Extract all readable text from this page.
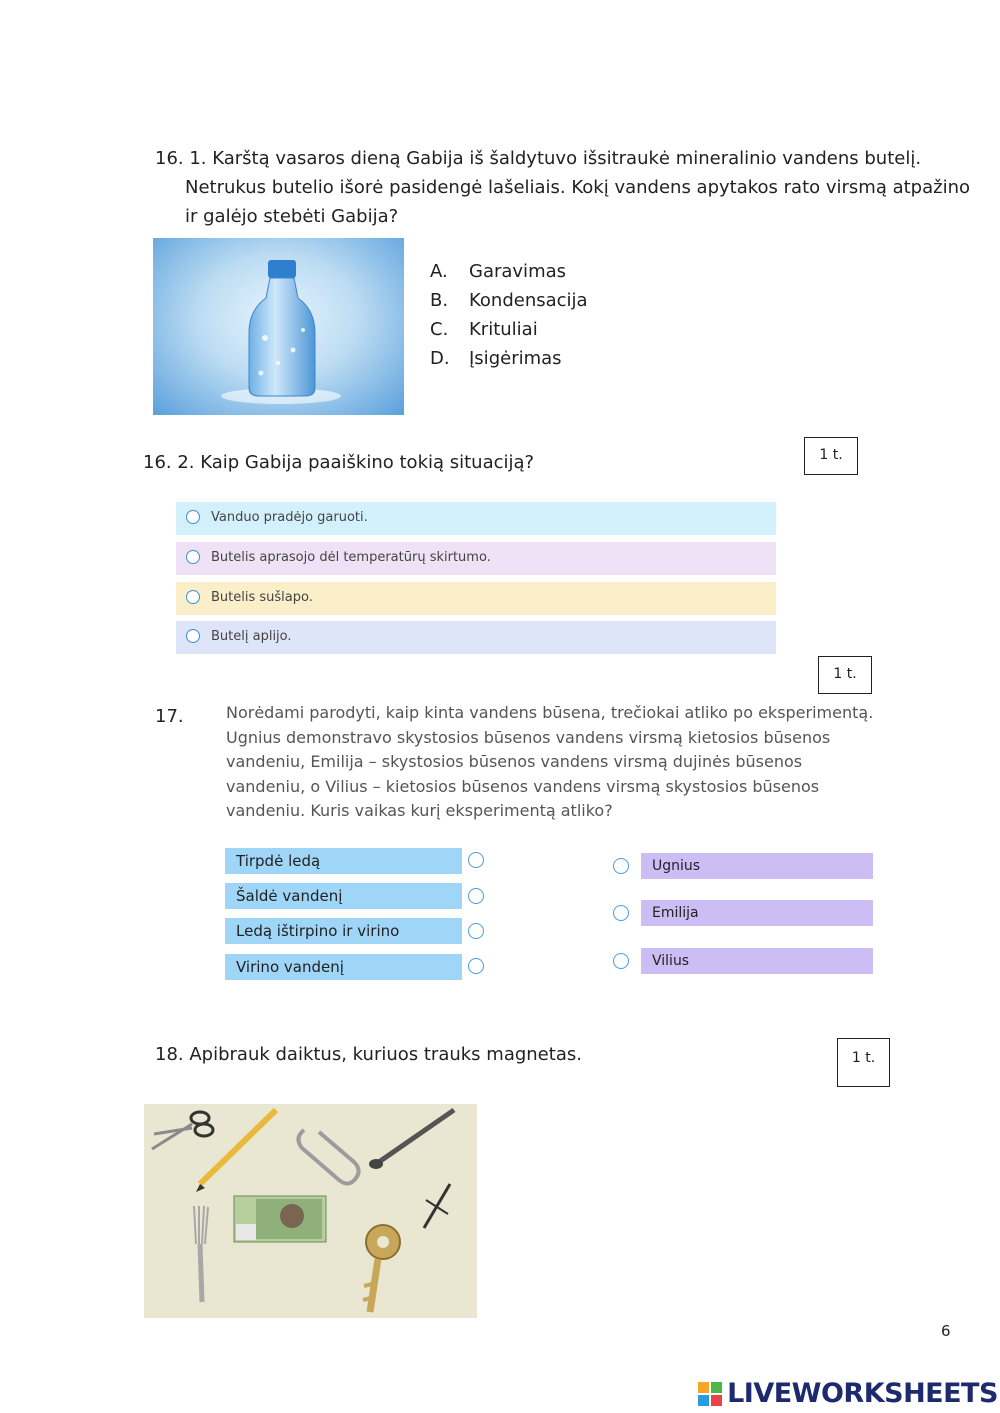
16. 1. Karštą vasaros dieną Gabija iš šaldytuvo išsitraukė mineralinio vandens butelį.
Netrukus butelio išorė pasidengė lašeliais. Kokį vandens apytakos rato virsmą atpažino
ir galėjo stebėti Gabija?
A. Garavimas
B. Kondensacija
C. Krituliai
D. Įsigėrimas
16. 2. Kaip Gabija paaiškino tokią situaciją?	1 t.
Vanduo pradėjo garuoti.
Butelis aprasojo dėl temperatūrų skirtumo.
Butelis sušlapo.
Butelį aplijo.
1 t.
17.	Norėdami parodyti, kaip kinta vandens būsena, trečiokai atliko po eksperimentą.
Ugnius demonstravo skystosios būsenos vandens virsmą kietosios būsenos
vandeniu, Emilija – skystosios būsenos vandens virsmą dujinės būsenos
vandeniu, o Vilius – kietosios būsenos vandens virsmą skystosios būsenos
vandeniu. Kuris vaikas kurį eksperimentą atliko?
Tirpdė ledą
Šaldė vandenį
Ledą ištirpino ir virino
Virino vandenį
Ugnius
Emilija
Vilius
18. Apibrauk daiktus, kuriuos trauks magnetas.	1 t.
6
LIVEWORKSHEETS
